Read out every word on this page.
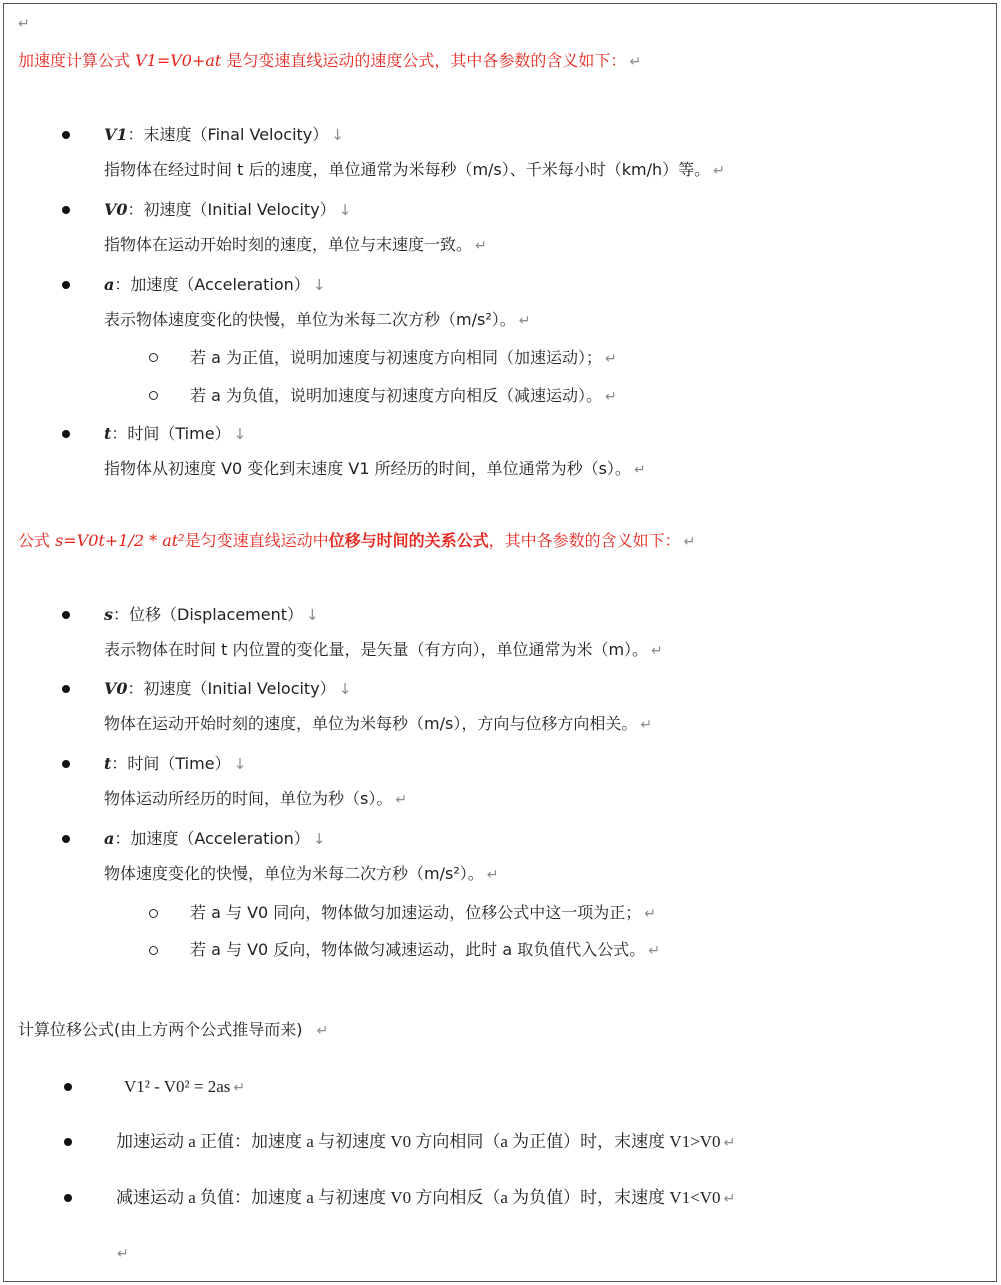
↵
加速度计算公式 V1=V0+at 是匀变速直线运动的速度公式，其中各参数的含义如下： ↵
V1：末速度（Final Velocity） ↓
指物体在经过时间 t 后的速度，单位通常为米每秒（m/s）、千米每小时（km/h）等。 ↵
V0：初速度（Initial Velocity） ↓
指物体在运动开始时刻的速度，单位与末速度一致。 ↵
a：加速度（Acceleration） ↓
表示物体速度变化的快慢，单位为米每二次方秒（m/s²）。 ↵
若 a 为正值，说明加速度与初速度方向相同（加速运动）； ↵
若 a 为负值，说明加速度与初速度方向相反（减速运动）。 ↵
t：时间（Time） ↓
指物体从初速度 V0 变化到末速度 V1 所经历的时间，单位通常为秒（s）。 ↵
公式 s=V0t+1/2 * at²是匀变速直线运动中位移与时间的关系公式，其中各参数的含义如下： ↵
s：位移（Displacement） ↓
表示物体在时间 t 内位置的变化量，是矢量（有方向），单位通常为米（m）。 ↵
V0：初速度（Initial Velocity） ↓
物体在运动开始时刻的速度，单位为米每秒（m/s），方向与位移方向相关。 ↵
t：时间（Time） ↓
物体运动所经历的时间，单位为秒（s）。 ↵
a：加速度（Acceleration） ↓
物体速度变化的快慢，单位为米每二次方秒（m/s²）。 ↵
若 a 与 V0 同向，物体做匀加速运动，位移公式中这一项为正； ↵
若 a 与 V0 反向，物体做匀减速运动，此时 a 取负值代入公式。 ↵
计算位移公式(由上方两个公式推导而来) ↵
V1² - V0² = 2as ↵
加速运动 a 正值：加速度 a 与初速度 V0 方向相同（a 为正值）时，末速度 V1>V0 ↵
减速运动 a 负值：加速度 a 与初速度 V0 方向相反（a 为负值）时，末速度 V1<V0 ↵
↵
